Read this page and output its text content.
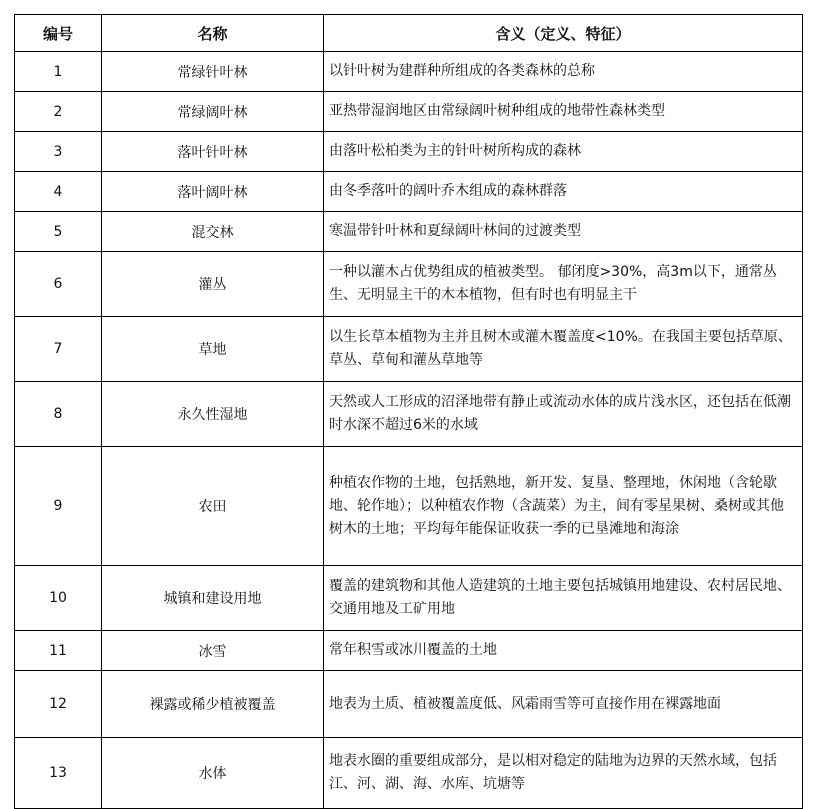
编号	名称	含义（定义、特征）
1	常绿针叶林	以针叶树为建群种所组成的各类森林的总称
2	常绿阔叶林	亚热带湿润地区由常绿阔叶树种组成的地带性森林类型
3	落叶针叶林	由落叶松柏类为主的针叶树所构成的森林
4	落叶阔叶林	由冬季落叶的阔叶乔木组成的森林群落
5	混交林	寒温带针叶林和夏绿阔叶林间的过渡类型
6	灌丛	一种以灌木占优势组成的植被类型。 郁闭度>30%，高3m以下，通常丛生、无明显主干的木本植物，但有时也有明显主干
7	草地	以生长草本植物为主并且树木或灌木覆盖度<10%。在我国主要包括草原、草丛、草甸和灌丛草地等
8	永久性湿地	天然或人工形成的沼泽地带有静止或流动水体的成片浅水区，还包括在低潮时水深不超过6米的水域
9	农田	种植农作物的土地，包括熟地，新开发、复垦、整理地，休闲地（含轮歇地、轮作地）；以种植农作物（含蔬菜）为主，间有零星果树、桑树或其他树木的土地；平均每年能保证收获一季的已垦滩地和海涂
10	城镇和建设用地	覆盖的建筑物和其他人造建筑的土地主要包括城镇用地建设、农村居民地、交通用地及工矿用地
11	冰雪	常年积雪或冰川覆盖的土地
12	裸露或稀少植被覆盖	地表为土质、植被覆盖度低、风霜雨雪等可直接作用在裸露地面
13	水体	地表水圈的重要组成部分，是以相对稳定的陆地为边界的天然水域，包括江、河、湖、海、水库、坑塘等
